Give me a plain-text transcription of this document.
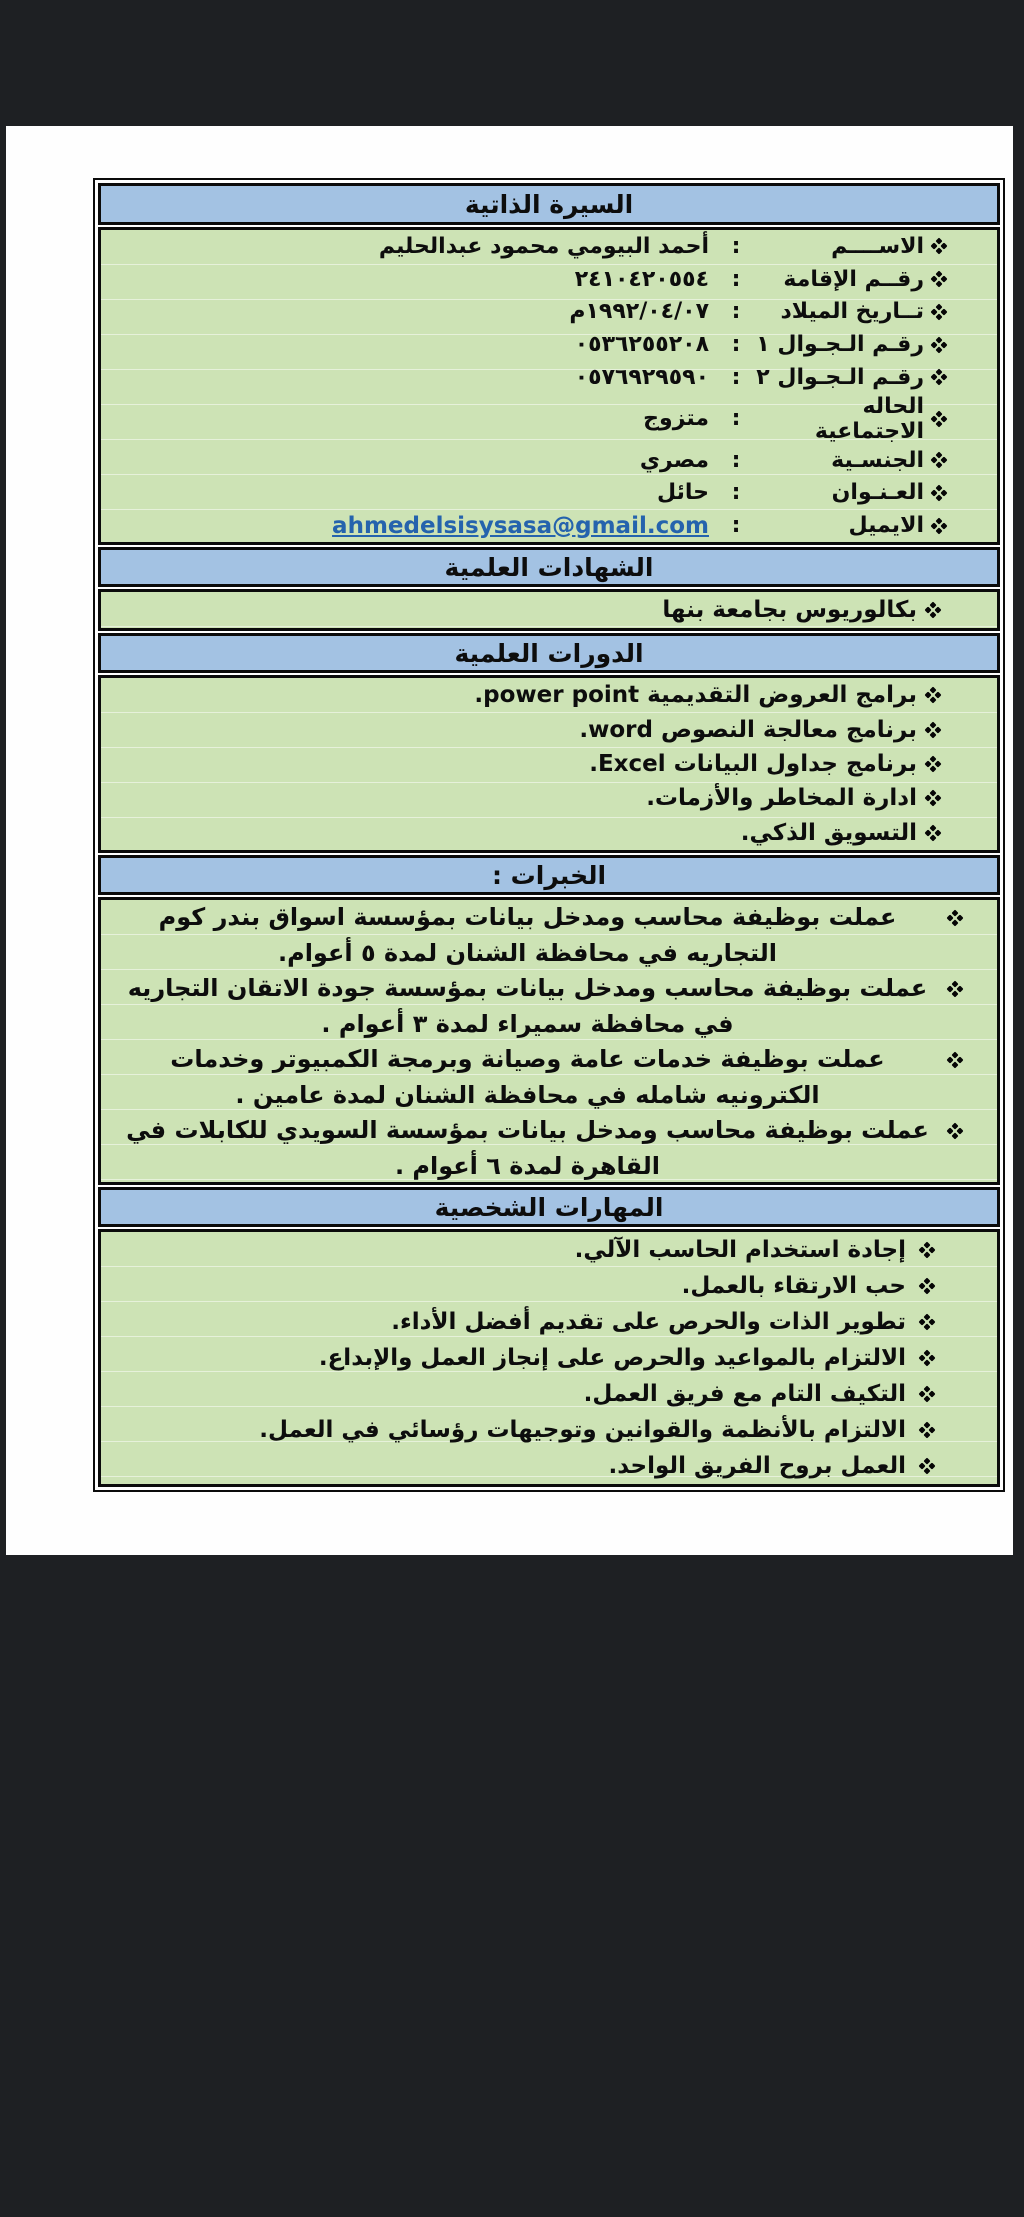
السيرة الذاتية
الاســــم
:
أحمد البيومي محمود عبدالحليم
رقــم الإقامة
:
٢٤١٠٤٢٠٥٥٤
تــاريخ الميلاد
:
١٩٩٢/٠٤/٠٧م
رقـم الـجـوال ١
:
٠٥٣٦٢٥٥٢٠٨
رقـم الـجـوال ٢
:
٠٥٧٦٩٢٩٥٩٠
الحاله الاجتماعية
:
متزوج
الجنسـية
:
مصري
العـنـوان
:
حائل
الايميل
:
ahmedelsisysasa@gmail.com
الشهادات العلمية
بكالوريوس بجامعة بنها
الدورات العلمية
برامج العروض التقديمية power point.
برنامج معالجة النصوص word.
برنامج جداول البيانات Excel.
ادارة المخاطر والأزمات.
التسويق الذكي.
الخبرات :

عملت بوظيفة محاسب ومدخل بيانات بمؤسسة اسواق بندر كوم التجاريه في محافظة الشنان لمدة ٥ أعوام.

عملت بوظيفة محاسب ومدخل بيانات بمؤسسة جودة الاتقان التجاريه في محافظة سميراء لمدة ٣ أعوام .

عملت بوظيفة خدمات عامة وصيانة وبرمجة الكمبيوتر وخدمات الكترونيه شامله في محافظة الشنان لمدة عامين .

عملت بوظيفة محاسب ومدخل بيانات بمؤسسة السويدي للكابلات في القاهرة لمدة ٦ أعوام .

المهارات الشخصية
إجادة استخدام الحاسب الآلي.
حب الارتقاء بالعمل.
تطوير الذات والحرص على تقديم أفضل الأداء.
الالتزام بالمواعيد والحرص على إنجاز العمل والإبداع.
التكيف التام مع فريق العمل.
الالتزام بالأنظمة والقوانين وتوجيهات رؤسائي في العمل.
العمل بروح الفريق الواحد.
